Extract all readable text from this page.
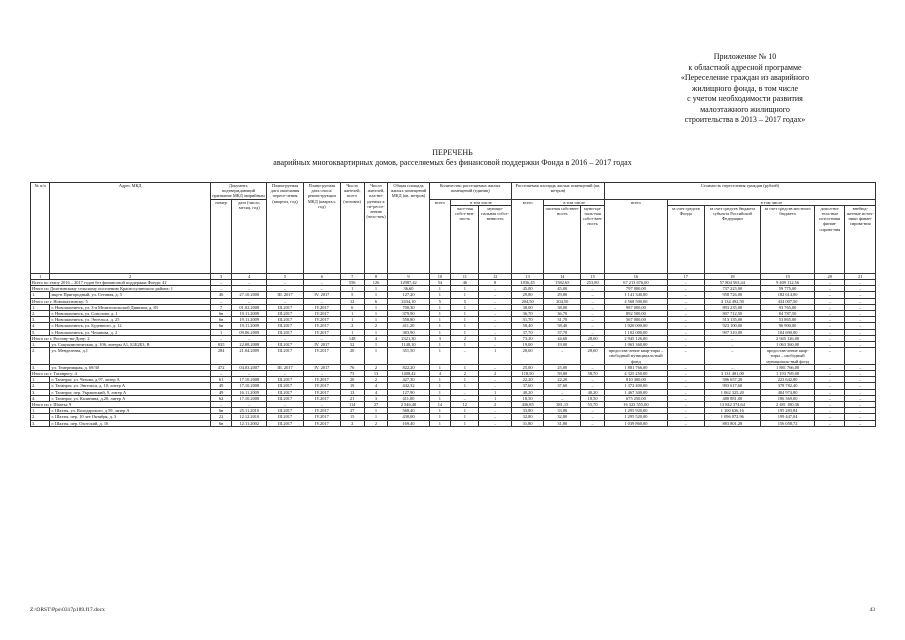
Приложение № 10
к областной адресной программе
«Переселение граждан из аварийного
жилищного фонда, в том числе
с учетом необходимости развития
малоэтажного жилищного
строительства в 2013 – 2017 годах»
ПЕРЕЧЕНЬ
аварийных многоквартирных домов, расселяемых без финансовой поддержки Фонда в 2016 – 2017 годах
№ п/п	Адрес МКД	Документ, подтверждающий признание МКД аварийным		Плани-руемая дата окончания пересе-ления (квартал, год)	Плани-руемая дата сноса/ реконструкции МКД (квартал, год)	Число жителей, всего (человек)	Число жителей, пла-ни-руемых к пе-рессе-лению (чело-век)	Общая площадь жилых помещений МКД (кв. метров)	Количество расселяемых жилых помещений (единиц)			Расселяемая площадь жилых помещений (кв. метров)			Стоимость переселения граждан (рублей)					
		номер	дата (число, месяц, год)						всего	в том числе		всего	в том числе		всего	в том числе				
										част-ная собст-вен-ность	муници-пальная собст-венность		частная собствен-ность	муни-ци-паль-ная собст-вен-ность		за счет средств Фонда	за счет средств бюджета субъекта Российской Федерации	за счет средств местного бюджета	допол-ни-тель-ные источ-ники финан-сирова-ния	внебюд-жетные источ-ники финан-сирова-ния
1	2	3	4	5	6	7	8	9	10	11	12	13	14	15	16	17	18	19	20	21
Всего по этапу 2016 – 2017 годов без финансовой поддержки Фонда: 42		–	–	–	–	556	126	12987,42	54	46	8	1836,45	1582,65	253,80	67 213 676,00	–	57 804 563,44	9 409 112,56	–	–
Итого по Долотинскому сельскому поселению Красносулинского района: 1		–	–	–	–	1	1	36,60	1	1	–	45,00	45,00	–	797 000,00	–	737 225,00	59 775,00	–	–
1.	мкр-н Пригородный, ул. Степная, д. 5	46	27.10.2008	III. 2017	IV. 2017	5	1	127,20	1	1	–	29,80	29,80	–	1 141 340,00	–	958 726,00	182 614,00	–	–
Итого по г. Новошахтинску: 5		–	–	–	–	12	6	2434,10	5	5	–	204,50	204,50	–	4 568 500,00	–	4 134 492,50	434 007,50	–	–
1.	г. Новошахтинск, ул. 3-я Мелитопольской Дивизии, д. 83	7	01.02.2008	III.2017	IV.2017	6	1	700,30	1	1	–	38,00	38,00	–	987 000,00	–	893 235,00	93 765,00	–	–
2.	г. Новошахтинск, ул. Соколова, д. 1	6н	19.11.2009	III.2017	IV.2017	1	1	379,90	1	1	–	36,70	36,70	–	892 500,00	–	807 712,50	84 787,50	–	–
3.	г. Новошахтинск, ул. Энгельса, д. 25	6н	19.11.2009	III.2017	IV.2017	1	1	558,80	1	1	–	31,70	31,70	–	567 000,00	–	513 135,00	53 865,00	–	–
4.	г. Новошахтинск, ул. Буденного, д. 12	6н	19.11.2009	III.2017	IV.2017	2	2	411,20	1	1	–	58,40	58,40	–	1 020 000,00	–	923 100,00	96 900,00	–	–
5.	г. Новошахтинск, ул. Чехавова, д. 2	1	09.06.2009	III.2017	IV.2017	1	1	383,90	1	1	–	37,70	37,70	–	1 102 000,00	–	997 310,00	104 690,00	–	–
Итого по г. Ростову-на-Дону: 2		–	–	–	–	148	4	2321,30	3	2	1	73,20	44,60	28,60	2 945 126,00	–	–	2 945 126,00	–	–
1.	ул. Социалистическая, д. 106, литеры А1, Б1Б2Б3, В	835	22.08.2008	III.2017	IV. 2017	52	1	1148,10	1	1	–	19,00	19,00	–	1 063 360,00	–	–	1 063 360,00	–	–
2.	ул. Менделеева, д.1	284	21.04.2009	III.2017	IV.2017	20	1	351,50	1	–	1	28,60	–	28,60	предостав-ление квар-тиры – свободный муниципаль-ный фонд	–	–	предостав-ление квар-тиры – свободный муниципаль-ный фонд	–	–
3.	ул. Темерницкая, д. 69/30	472	04.03.2007	III. 2017	IV. 2017	76	2	822,20	1	1	–	25,00	25,00	–	1 881 766,00	–	–	1 881 766,00	–	–
Итого по г. Таганрогу: 4		–	–	–	–	73	13	1408,42	4	2	2	118,50	59,80	58,70	4 325 250,00	–	3 131 481,00	1 193 769,00	–	–
1.	г. Таганрог, ул. Чехова, д.97, литер А	61	17.10.2008	III.2017	IV.2017	20	2	427,30	1	1	–	22,20	22,20	–	810 300,00	–	586 657,20	223 642,80	–	–
2.	г. Таганрог, ул. Энгельса, д. 10, литер А	49	17.10.2008	III.2017	IV.2017	19	4	442,32	1	1	–	37,60	37,60	–	1 372 400,00	–	993 617,60	378 782,40	–	–
3.	г. Таганрог, пер. Украинский, 9, литер А	49	16.11.2009	III.2017	IV.2017	13	4	127,90	1	–	1	40,20	–	40,20	1 467 300,00	–	1 062 325,20	404 974,80	–	–
4.	г. Таганрог, ул. Калинина, д.20, литер А	62	17.10.2008	III.2017	IV.2017	21	3	411,00	1	–	1	18,50	–	18,50	675 250,00	–	488 881,00	186 369,00	–	–
Итого по г. Шахты: 9		–	–	–	–	114	27	2 546,40	14	12	2	436,85	381,15	55,70	16 323 555,00	–	13 842 374,64	2 481 180,36	–	–
1.	г. Шахты, ул. Володарского, д.59, литер А	6н	25.11.2010	III.2017	IV.2017	27	1	568,40	1	1	–	33,80	33,80	–	1 295 920,00	–	1 100 636,16	195 283,84	–	–
2.	г. Шахты, пер. 10 лет Октября, д. 3	22	12.12.2010	III.2017	IV.2017	15	1	438,00	1	1	–	32,80	32,80	–	1 295 520,00	–	1 096 072,96	199 447,04	–	–
3.	г. Шахты, пер. Охотский, д. 16	6н	12.11.2002	III.2017	IV.2017	2	2	169,40	1	1	–	31,80	31,80	–	1 039 860,00	–	883 801,28	156 058,72	–	–
Z:\ORST\Ppo\0317p189.f17.docx	43
